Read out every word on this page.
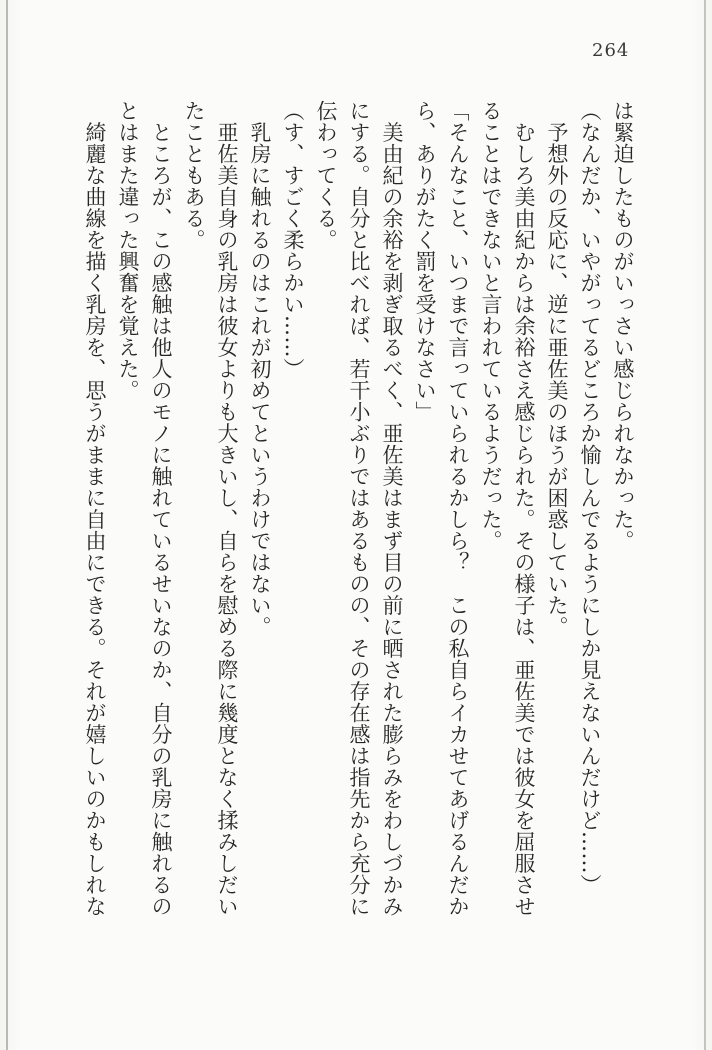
264

は緊迫したものがいっさい感じられなかった。

（なんだか、いやがってるどころか愉しんでるようにしか見えないんだけど……）

　予想外の反応に、逆に亜佐美のほうが困惑していた。

　むしろ美由紀からは余裕さえ感じられた。その様子は、亜佐美では彼女を屈服させ

ることはできないと言われているようだった。

「そんなこと、いつまで言っていられるかしら？　この私自らイカせてあげるんだか

ら、ありがたく罰を受けなさい」

　美由紀の余裕を剥ぎ取るべく、亜佐美はまず目の前に晒された膨らみをわしづかみ

にする。自分と比べれば、若干小ぶりではあるものの、その存在感は指先から充分に

伝わってくる。

（す、すごく柔らかい……）

　乳房に触れるのはこれが初めてというわけではない。

　亜佐美自身の乳房は彼女よりも大きいし、自らを慰める際に幾度となく揉みしだい

たこともある。

　ところが、この感触は他人のモノに触れているせいなのか、自分の乳房に触れるの

とはまた違った興奮を覚えた。

　綺麗な曲線を描く乳房を、思うがままに自由にできる。それが嬉しいのかもしれな
